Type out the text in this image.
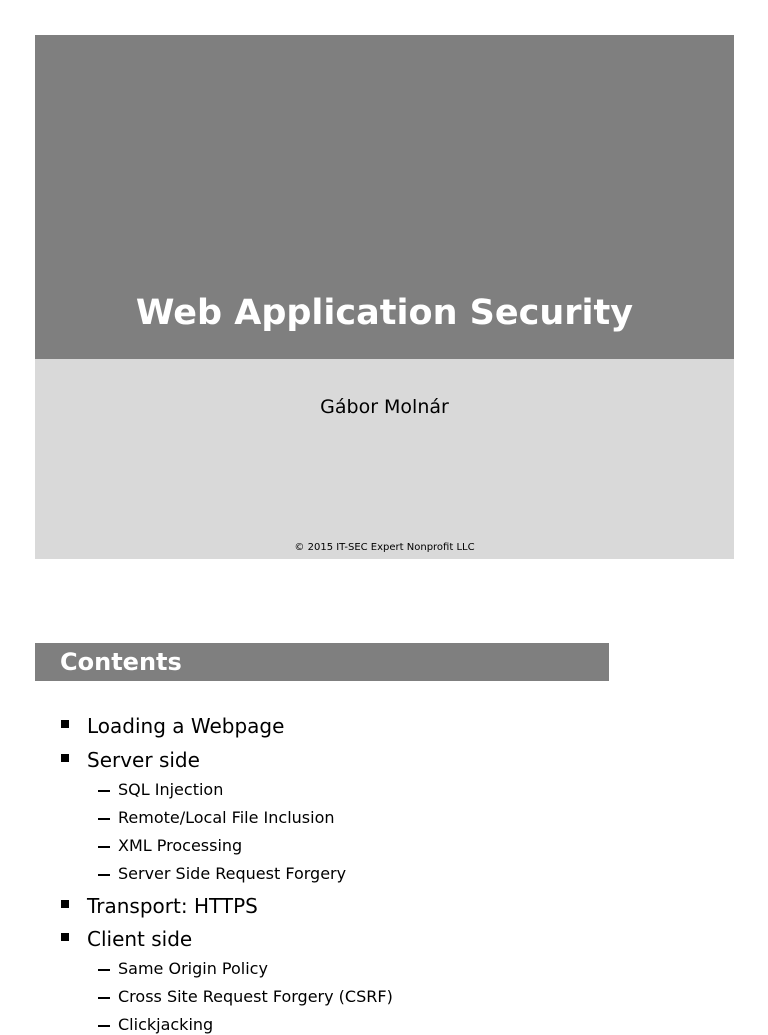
Web Application Security
Gábor Molnár
© 2015 IT-SEC Expert Nonprofit LLC
Contents
Loading a Webpage
Server side
SQL Injection
Remote/Local File Inclusion
XML Processing
Server Side Request Forgery
Transport: HTTPS
Client side
Same Origin Policy
Cross Site Request Forgery (CSRF)
Clickjacking
